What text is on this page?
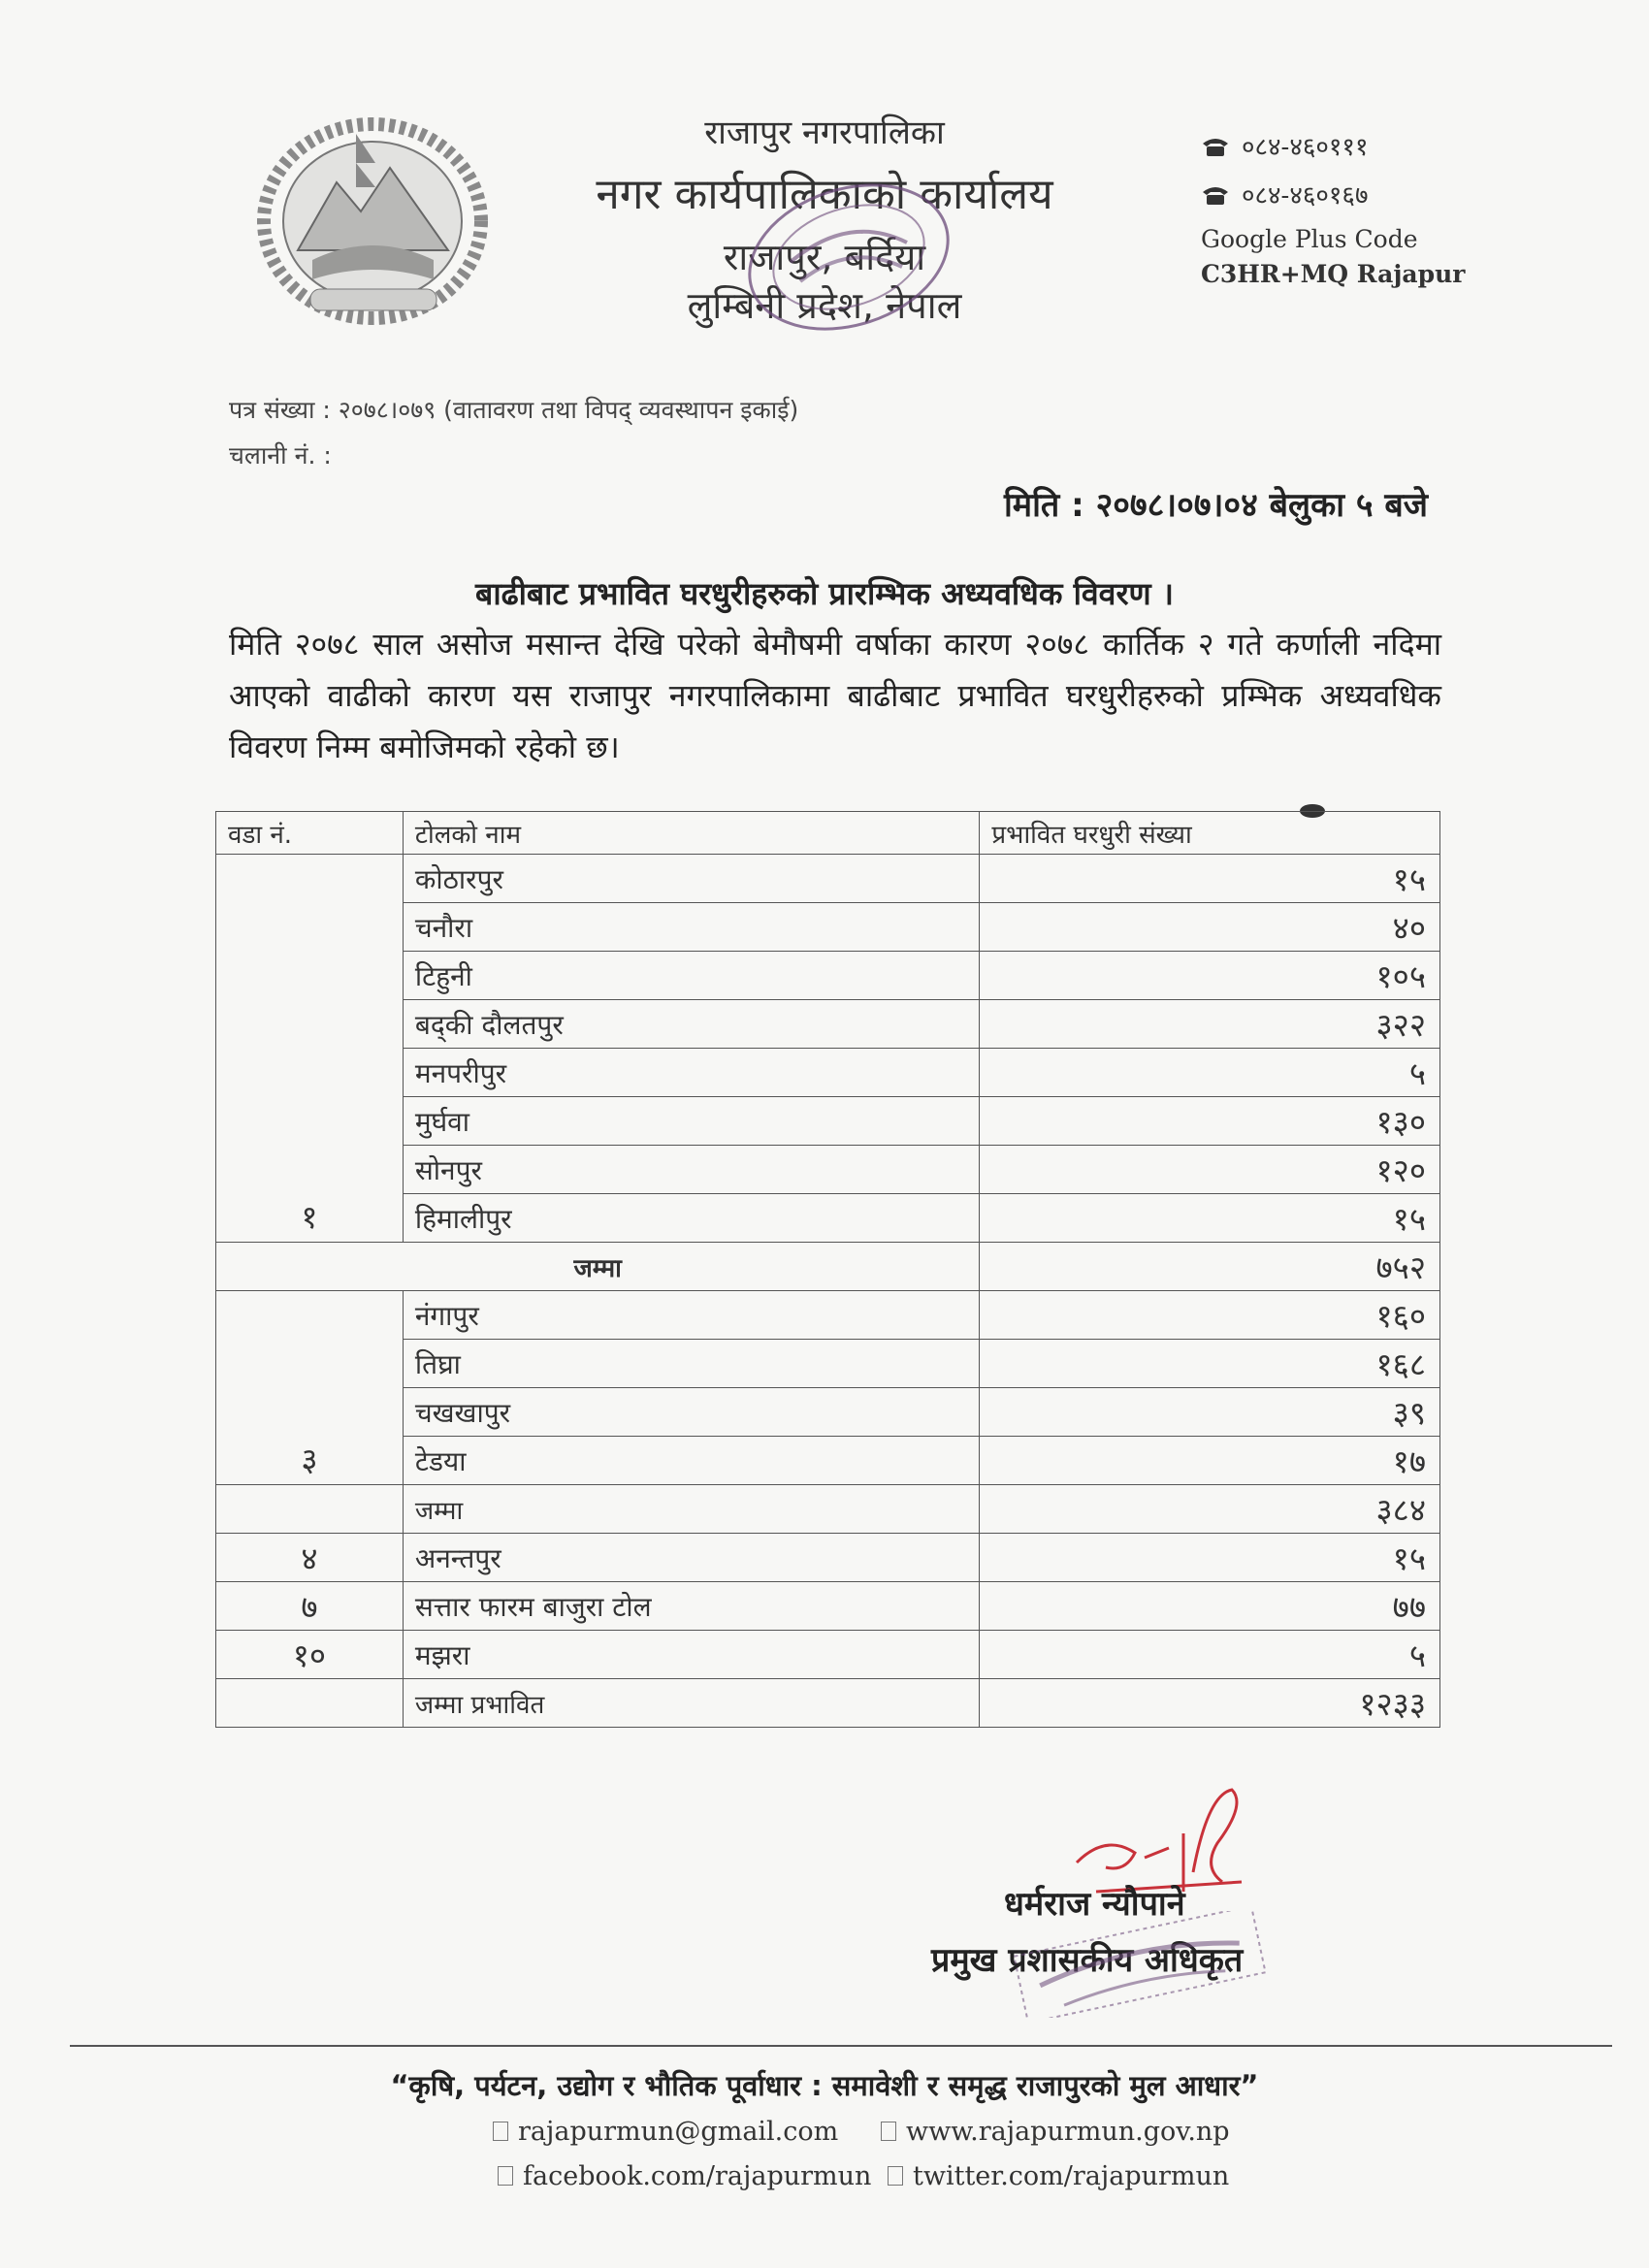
राजापुर नगरपालिका
नगर कार्यपालिकाको कार्यालय
राजापुर, बर्दिया
लुम्बिनी प्रदेश, नेपाल
०८४-४६०१११
०८४-४६०१६७
Google Plus Code
C3HR+MQ Rajapur
पत्र संख्या : २०७८।०७९ (वातावरण तथा विपद् व्यवस्थापन इकाई)
चलानी नं. :
मिति : २०७८।०७।०४ बेलुका ५ बजे
बाढीबाट प्रभावित घरधुरीहरुको प्रारम्भिक अध्यवधिक विवरण ।
मिति २०७८ साल असोज मसान्त देखि परेको बेमौषमी वर्षाका कारण २०७८ कार्तिक २ गते कर्णाली नदिमा आएको वाढीको कारण यस राजापुर नगरपालिकामा बाढीबाट प्रभावित घरधुरीहरुको प्रम्भिक अध्यवधिक विवरण निम्म बमोजिमको रहेको छ।
वडा नं.	टोलको नाम	प्रभावित घरधुरी संख्या
१	कोठारपुर	१५
	चनौरा	४०
	टिहुनी	१०५
	बद्की दौलतपुर	३२२
	मनपरीपुर	५
	मुर्घवा	१३०
	सोनपुर	१२०
	हिमालीपुर	१५
जम्मा		७५२
३	नंगापुर	१६०
	तिघ्रा	१६८
	चखखापुर	३९
	टेडया	१७
	जम्मा	३८४
४	अनन्तपुर	१५
७	सत्तार फारम बाजुरा टोल	७७
१०	मझरा	५
	जम्मा प्रभावित	१२३३
धर्मराज न्यौपाने
प्रमुख प्रशासकीय अधिकृत
“कृषि, पर्यटन, उद्योग र भौतिक पूर्वाधार : समावेशी र समृद्ध राजापुरको मुल आधार”
rajapurmun@gmail.com	www.rajapurmun.gov.np
facebook.com/rajapurmun	twitter.com/rajapurmun
